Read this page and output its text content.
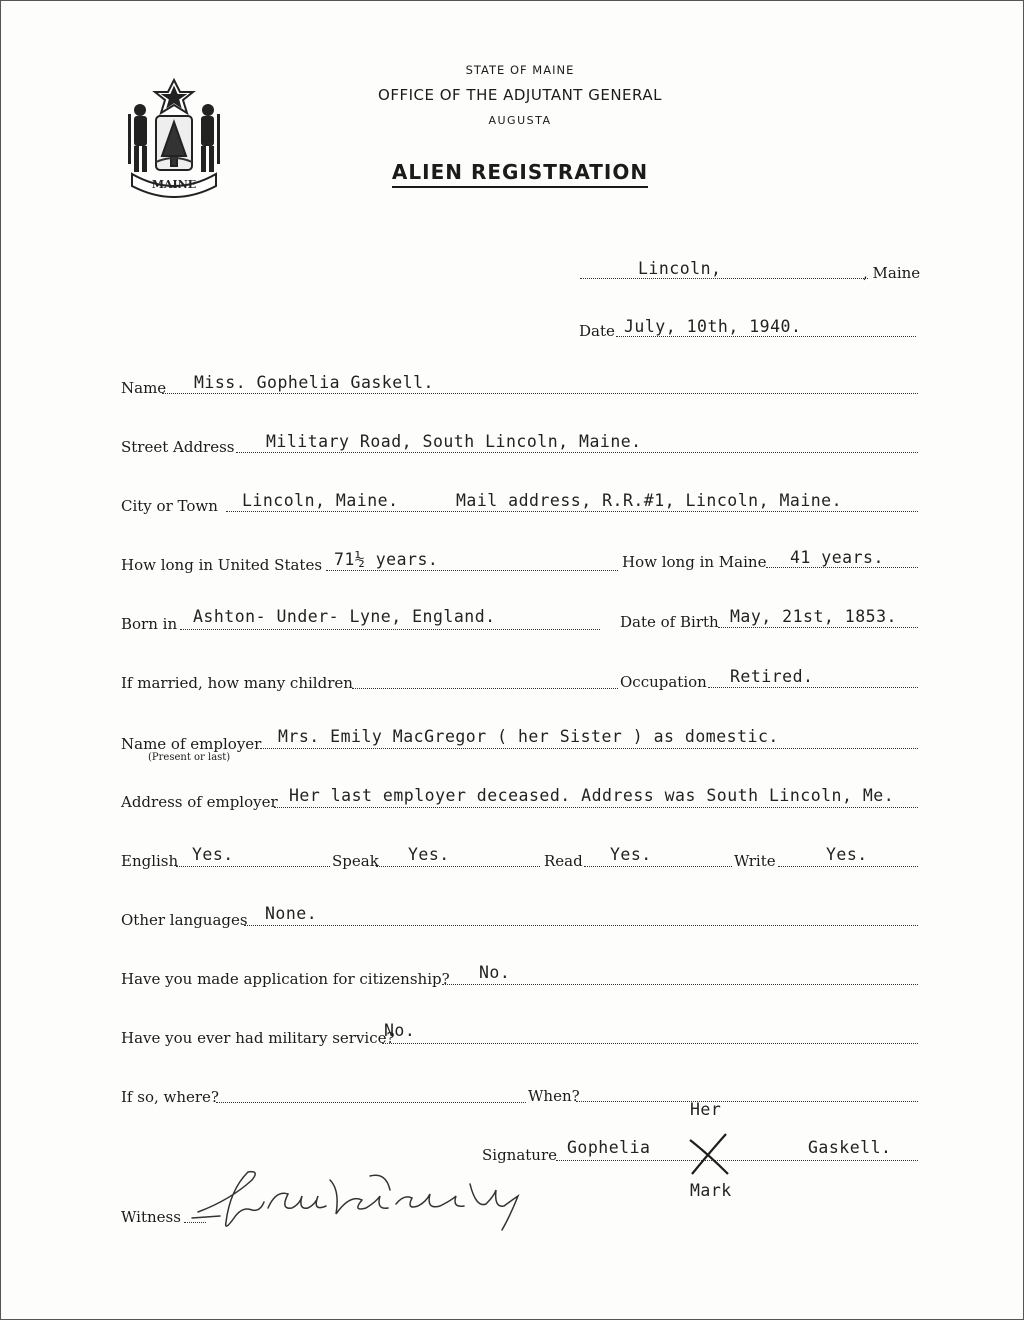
MAINE
STATE OF MAINE
OFFICE OF THE ADJUTANT GENERAL
AUGUSTA
ALIEN REGISTRATION
Lincoln,	, Maine
Date July, 10th, 1940.
Name Miss. Gophelia Gaskell.
Street Address Military Road, South Lincoln, Maine.
City or Town Lincoln, Maine.	Mail address, R.R.#1, Lincoln, Maine.
How long in United States 71½ years.	How long in Maine 41 years.
Born in Ashton- Under- Lyne, England.	Date of Birth May, 21st, 1853.
If married, how many children	Occupation Retired.
Name of employer
(Present or last)
Mrs. Emily MacGregor ( her Sister ) as domestic.
Address of employer Her last employer deceased. Address was South Lincoln, Me.
English Yes.	Speak Yes.	Read Yes.	Write	Yes.
Other languages None.
Have you made application for citizenship? No.
Have you ever had military service?
No.
If so, where?	When?
Her
Signature Gophelia	Gaskell.
Mark
Witness
